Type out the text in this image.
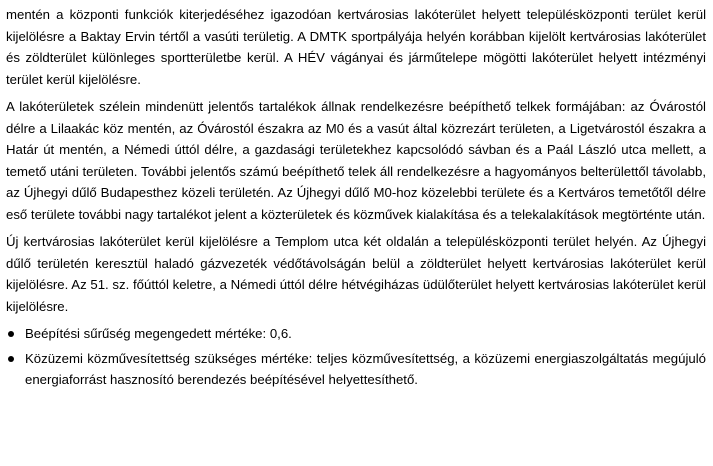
mentén a központi funkciók kiterjedéséhez igazodóan kertvárosias lakóterület helyett településközponti terület kerül kijelölésre a Baktay Ervin tértől a vasúti területig. A DMTK sportpályája helyén korábban kijelölt kertvárosias lakóterület és zöldterület különleges sportterületbe kerül. A HÉV vágányai és járműtelepe mögötti lakóterület helyett intézményi terület kerül kijelölésre.

A lakóterületek szélein mindenütt jelentős tartalékok állnak rendelkezésre beépíthető telkek formájában: az Óvárostól délre a Lilaakác köz mentén, az Óvárostól északra az M0 és a vasút által közrezárt területen, a Ligetvárostól északra a Határ út mentén, a Némedi úttól délre, a gazdasági területekhez kapcsolódó sávban és a Paál László utca mellett, a temető utáni területen. További jelentős számú beépíthető telek áll rendelkezésre a hagyományos belterülettől távolabb, az Újhegyi dűlő Budapesthez közeli területén. Az Újhegyi dűlő M0-hoz közelebbi területe és a Kertváros temetőtől délre eső területe további nagy tartalékot jelent a közterületek és közművek kialakítása és a telekalakítások megtörténte után.

Új kertvárosias lakóterület kerül kijelölésre a Templom utca két oldalán a településközponti terület helyén. Az Újhegyi dűlő területén keresztül haladó gázvezeték védőtávolságán belül a zöldterület helyett kertvárosias lakóterület kerül kijelölésre. Az 51. sz. főúttól keletre, a Némedi úttól délre hétvégiházas üdülőterület helyett kertvárosias lakóterület kerül kijelölésre.

Beépítési sűrűség megengedett mértéke: 0,6.
Közüzemi közművesítettség szükséges mértéke: teljes közművesítettség, a közüzemi energiaszolgáltatás megújuló energiaforrást hasznosító berendezés beépítésével helyettesíthető.
